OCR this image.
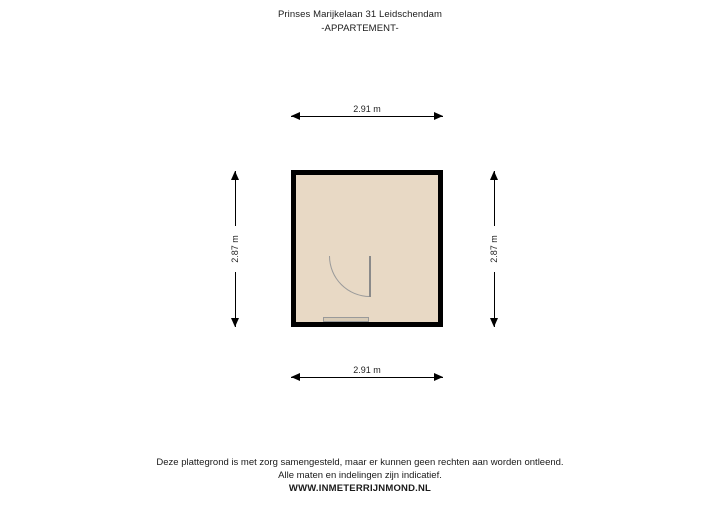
Prinses Marijkelaan 31 Leidschendam
-APPARTEMENT-
2.91 m
2.87 m	2.87 m
2.91 m
Deze plattegrond is met zorg samengesteld, maar er kunnen geen rechten aan worden ontleend.
Alle maten en indelingen zijn indicatief.
WWW.INMETERRIJNMOND.NL
